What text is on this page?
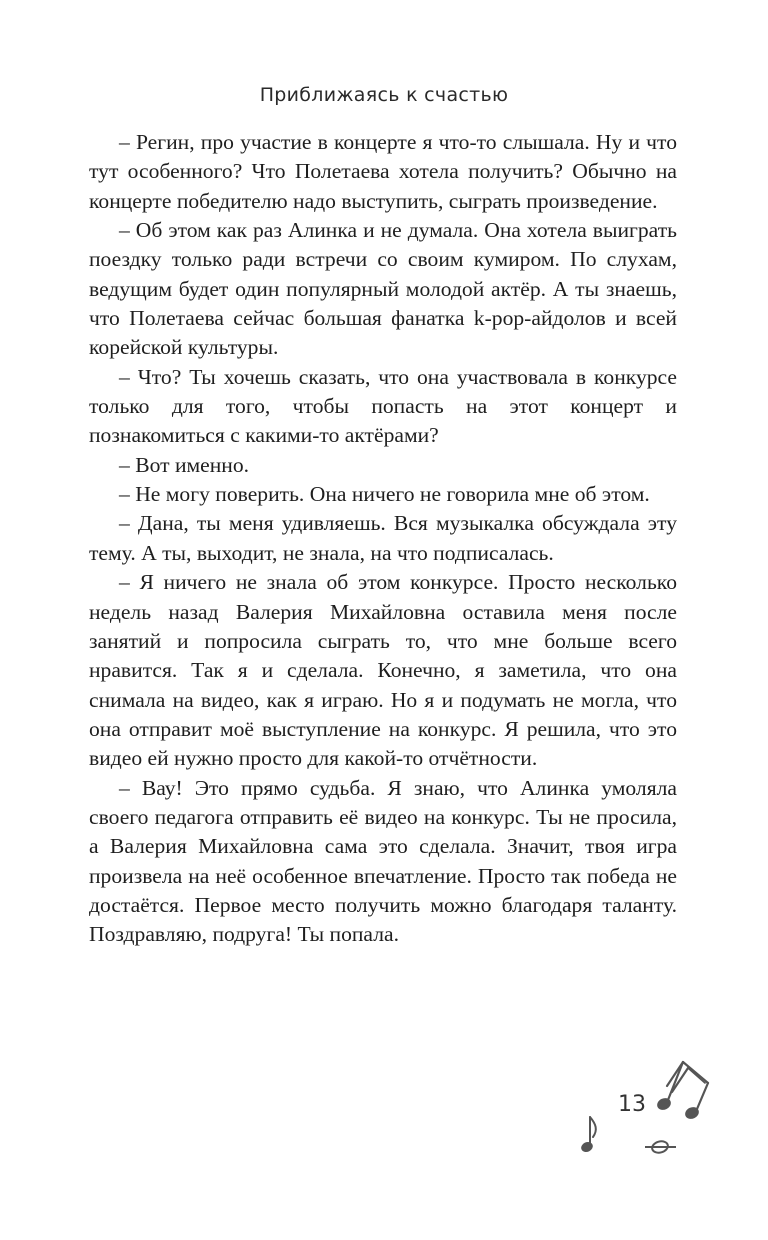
Приближаясь к счастью

– Регин, про участие в концерте я что-то слышала. Ну и что тут особенного? Что Полетаева хотела получить? Обычно на концерте победителю надо выступить, сыграть произведение.

– Об этом как раз Алинка и не думала. Она хотела выиграть поездку только ради встречи со своим кумиром. По слухам, ведущим будет один популярный молодой актёр. А ты знаешь, что Полетаева сейчас большая фанатка k-pop-айдолов и всей корейской культуры.

– Что? Ты хочешь сказать, что она участвовала в конкурсе только для того, чтобы попасть на этот концерт и познакомиться с какими-то актёрами?

– Вот именно.

– Не могу поверить. Она ничего не говорила мне об этом.

– Дана, ты меня удивляешь. Вся музыкалка обсуждала эту тему. А ты, выходит, не знала, на что подписалась.

– Я ничего не знала об этом конкурсе. Просто несколько недель назад Валерия Михайловна оставила меня после занятий и попросила сыграть то, что мне больше всего нравится. Так я и сделала. Конечно, я заметила, что она снимала на видео, как я играю. Но я и подумать не могла, что она отправит моё выступление на конкурс. Я решила, что это видео ей нужно просто для какой-то отчётности.

– Вау! Это прямо судьба. Я знаю, что Алинка умоляла своего педагога отправить её видео на конкурс. Ты не просила, а Валерия Михайловна сама это сделала. Значит, твоя игра произвела на неё особенное впечатление. Просто так победа не достаётся. Первое место получить можно благодаря таланту. Поздравляю, подруга! Ты попала.

13
